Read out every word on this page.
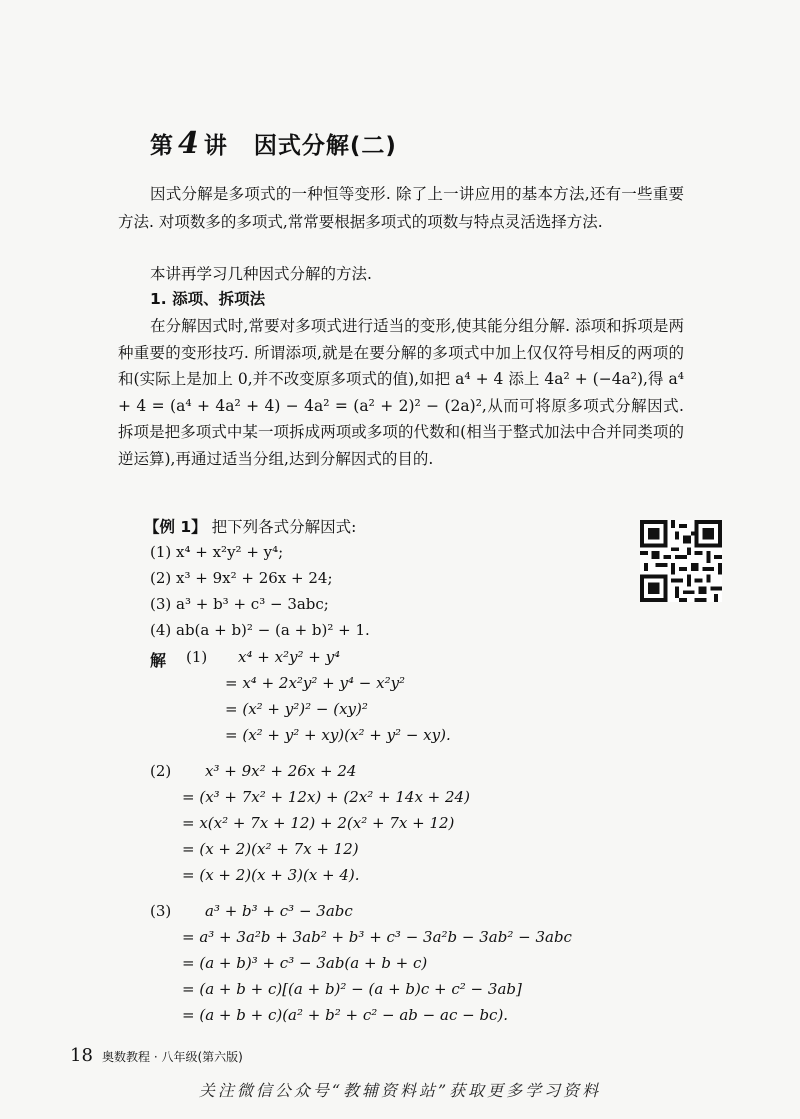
第 4 讲 因式分解(二)
因式分解是多项式的一种恒等变形. 除了上一讲应用的基本方法,还有一些重要方法. 对项数多的多项式,常常要根据多项式的项数与特点灵活选择方法.
本讲再学习几种因式分解的方法.
1. 添项、拆项法
在分解因式时,常要对多项式进行适当的变形,使其能分组分解. 添项和拆项是两种重要的变形技巧. 所谓添项,就是在要分解的多项式中加上仅仅符号相反的两项的和(实际上是加上 0,并不改变原多项式的值),如把 a⁴ + 4 添上 4a² + (−4a²),得 a⁴ + 4 = (a⁴ + 4a² + 4) − 4a² = (a² + 2)² − (2a)²,从而可将原多项式分解因式. 拆项是把多项式中某一项拆成两项或多项的代数和(相当于整式加法中合并同类项的逆运算),再通过适当分组,达到分解因式的目的.
【例 1】 把下列各式分解因式:
(1) x⁴ + x²y² + y⁴;
(2) x³ + 9x² + 26x + 24;
(3) a³ + b³ + c³ − 3abc;
(4) ab(a + b)² − (a + b)² + 1.
解 (1) x⁴ + x²y² + y⁴
= x⁴ + 2x²y² + y⁴ − x²y²
= (x² + y²)² − (xy)²
= (x² + y² + xy)(x² + y² − xy).
(2) x³ + 9x² + 26x + 24
= (x³ + 7x² + 12x) + (2x² + 14x + 24)
= x(x² + 7x + 12) + 2(x² + 7x + 12)
= (x + 2)(x² + 7x + 12)
= (x + 2)(x + 3)(x + 4).
(3) a³ + b³ + c³ − 3abc
= a³ + 3a²b + 3ab² + b³ + c³ − 3a²b − 3ab² − 3abc
= (a + b)³ + c³ − 3ab(a + b + c)
= (a + b + c)[(a + b)² − (a + b)c + c² − 3ab]
= (a + b + c)(a² + b² + c² − ab − ac − bc).
18 奥数教程 · 八年级(第六版)
关注微信公众号“教辅资料站”获取更多学习资料
